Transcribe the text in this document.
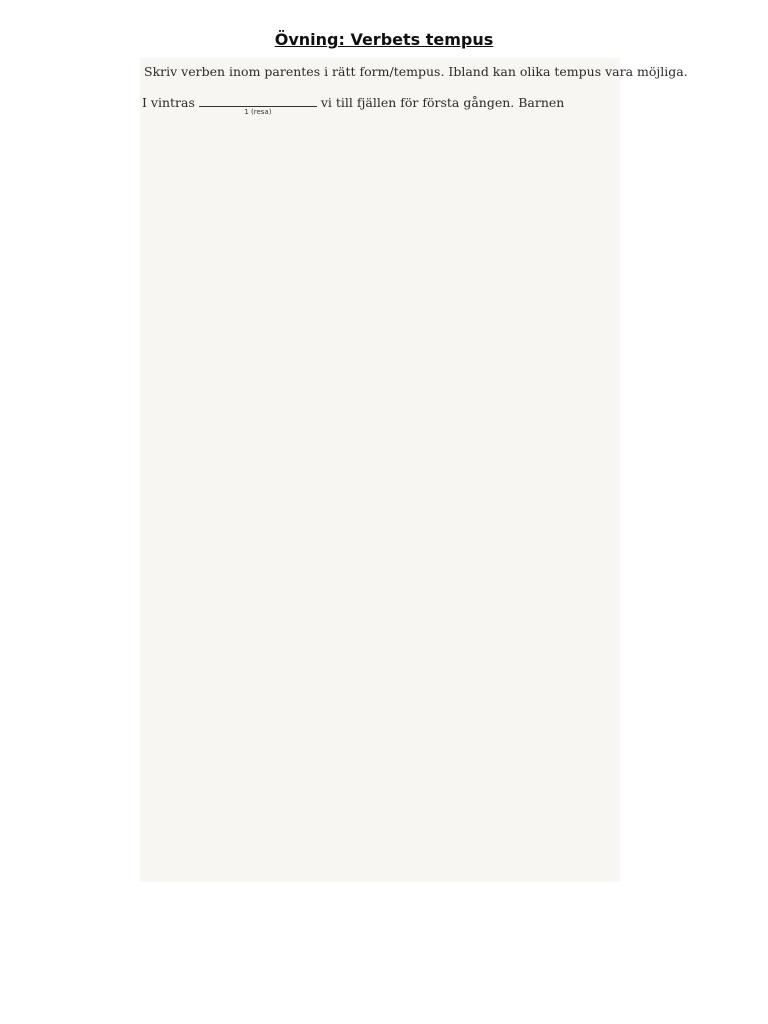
Övning: Verbets tempus
Skriv verben inom parentes i rätt form/tempus. Ibland kan olika tempus vara möjliga.
I vintras
1 (resa)
vi till fjällen för första gången. Barnen
